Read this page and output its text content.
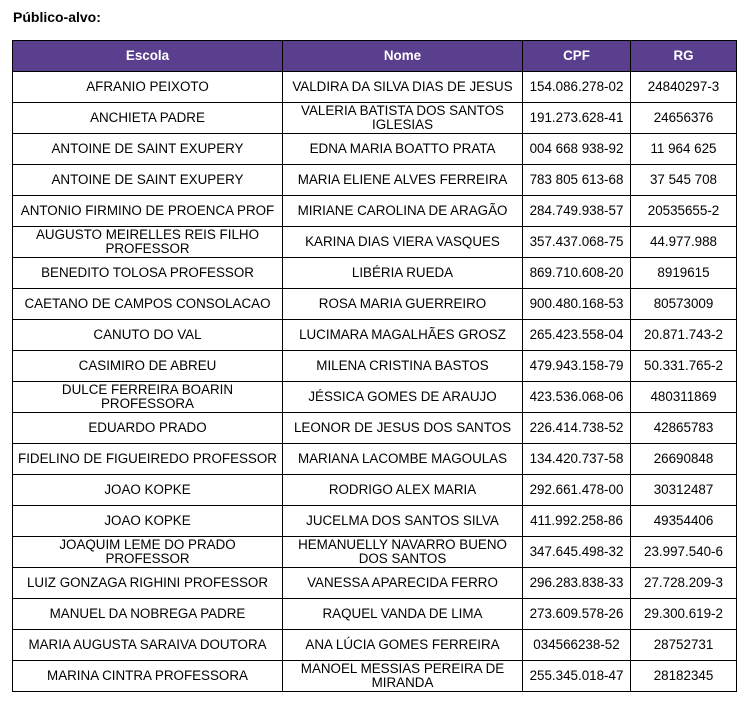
Público-alvo:
Escola	Nome	CPF	RG
AFRANIO PEIXOTO	VALDIRA DA SILVA DIAS DE JESUS	154.086.278-02	24840297-3
ANCHIETA PADRE	VALERIA BATISTA DOS SANTOS IGLESIAS	191.273.628-41	24656376
ANTOINE DE SAINT EXUPERY	EDNA MARIA BOATTO PRATA	004 668 938-92	11 964 625
ANTOINE DE SAINT EXUPERY	MARIA ELIENE ALVES FERREIRA	783 805 613-68	37 545 708
ANTONIO FIRMINO DE PROENCA PROF	MIRIANE CAROLINA DE ARAGÃO	284.749.938-57	20535655-2
AUGUSTO MEIRELLES REIS FILHO PROFESSOR	KARINA DIAS VIERA VASQUES	357.437.068-75	44.977.988
BENEDITO TOLOSA PROFESSOR	LIBÉRIA RUEDA	869.710.608-20	8919615
CAETANO DE CAMPOS CONSOLACAO	ROSA MARIA GUERREIRO	900.480.168-53	80573009
CANUTO DO VAL	LUCIMARA MAGALHÃES GROSZ	265.423.558-04	20.871.743-2
CASIMIRO DE ABREU	MILENA CRISTINA BASTOS	479.943.158-79	50.331.765-2
DULCE FERREIRA BOARIN PROFESSORA	JÉSSICA GOMES DE ARAUJO	423.536.068-06	480311869
EDUARDO PRADO	LEONOR DE JESUS DOS SANTOS	226.414.738-52	42865783
FIDELINO DE FIGUEIREDO PROFESSOR	MARIANA LACOMBE MAGOULAS	134.420.737-58	26690848
JOAO KOPKE	RODRIGO ALEX MARIA	292.661.478-00	30312487
JOAO KOPKE	JUCELMA DOS SANTOS SILVA	411.992.258-86	49354406
JOAQUIM LEME DO PRADO PROFESSOR	HEMANUELLY NAVARRO BUENO DOS SANTOS	347.645.498-32	23.997.540-6
LUIZ GONZAGA RIGHINI PROFESSOR	VANESSA APARECIDA FERRO	296.283.838-33	27.728.209-3
MANUEL DA NOBREGA PADRE	RAQUEL VANDA DE LIMA	273.609.578-26	29.300.619-2
MARIA AUGUSTA SARAIVA DOUTORA	ANA LÚCIA GOMES FERREIRA	034566238-52	28752731
MARINA CINTRA PROFESSORA	MANOEL MESSIAS PEREIRA DE MIRANDA	255.345.018-47	28182345
